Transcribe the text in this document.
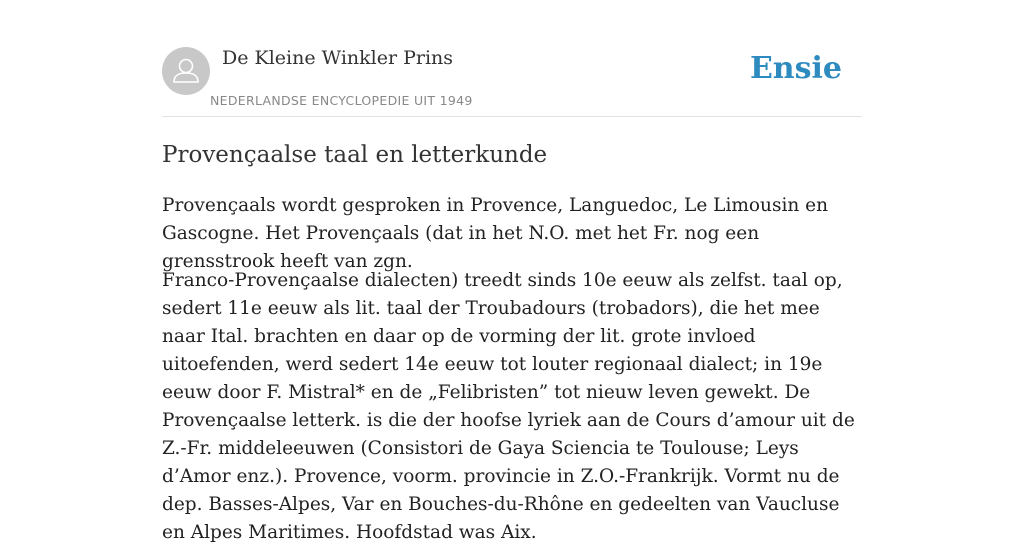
De Kleine Winkler Prins
NEDERLANDSE ENCYCLOPEDIE UIT 1949
Ensie
Provençaalse taal en letterkunde

Provençaals wordt gesproken in Provence, Languedoc, Le Limousin en Gascogne. Het Provençaals (dat in het N.O. met het Fr. nog een grensstrook heeft van zgn.

Franco-Provençaalse dialecten) treedt sinds 10e eeuw als zelfst. taal op, sedert 11e eeuw als lit. taal der Troubadours (trobadors), die het mee naar Ital. brachten en daar op de vorming der lit. grote invloed uitoefenden, werd sedert 14e eeuw tot louter regionaal dialect; in 19e eeuw door F. Mistral* en de „Felibristen” tot nieuw leven gewekt. De Provençaalse letterk. is die der hoofse lyriek aan de Cours d’amour uit de Z.-Fr. middeleeuwen (Consistori de Gaya Sciencia te Toulouse; Leys d’Amor enz.). Provence, voorm. provincie in Z.O.-Frankrijk. Vormt nu de dep. Basses-Alpes, Var en Bouches-du-Rhône en gedeelten van Vaucluse en Alpes Maritimes. Hoofdstad was Aix.
